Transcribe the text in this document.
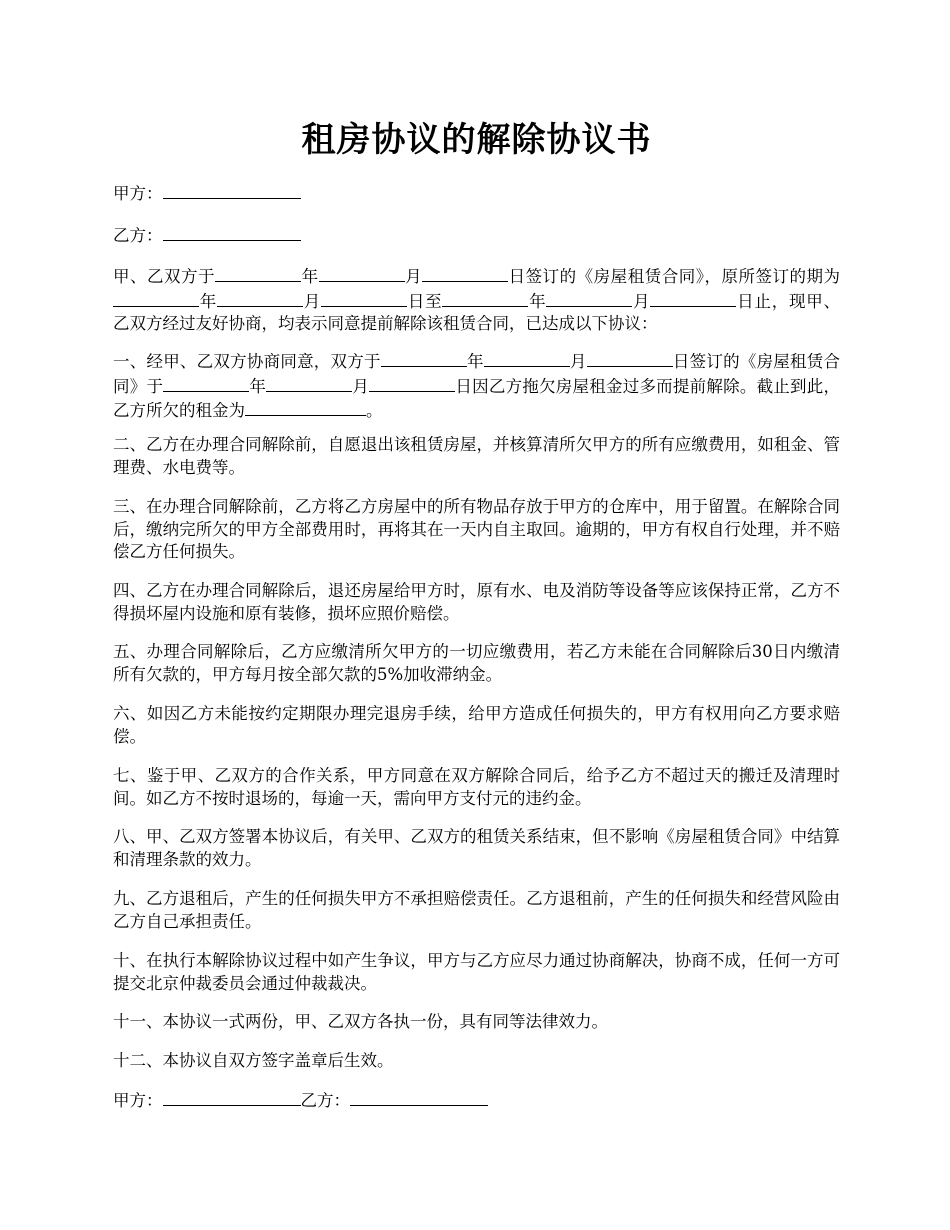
租房协议的解除协议书

甲方：

乙方：

甲、乙双方于	年	月	日签订的《房屋租赁合同》，原所签订的期为年	月	日至	年	月	日止，现甲、乙双方经过友好协商，均表示同意提前解除该租赁合同，已达成以下协议：

一、经甲、乙双方协商同意，双方于	年	月	日签订的《房屋租赁合同》于	年	月	日因乙方拖欠房屋租金过多而提前解除。截止到此，乙方所欠的租金为	。

二、乙方在办理合同解除前，自愿退出该租赁房屋，并核算清所欠甲方的所有应缴费用，如租金、管理费、水电费等。

三、在办理合同解除前，乙方将乙方房屋中的所有物品存放于甲方的仓库中，用于留置。在解除合同后，缴纳完所欠的甲方全部费用时，再将其在一天内自主取回。逾期的，甲方有权自行处理，并不赔偿乙方任何损失。

四、乙方在办理合同解除后，退还房屋给甲方时，原有水、电及消防等设备等应该保持正常，乙方不得损坏屋内设施和原有装修，损坏应照价赔偿。

五、办理合同解除后，乙方应缴清所欠甲方的一切应缴费用，若乙方未能在合同解除后30日内缴清所有欠款的，甲方每月按全部欠款的5%加收滞纳金。

六、如因乙方未能按约定期限办理完退房手续，给甲方造成任何损失的，甲方有权用向乙方要求赔偿。

七、鉴于甲、乙双方的合作关系，甲方同意在双方解除合同后，给予乙方不超过天的搬迁及清理时间。如乙方不按时退场的，每逾一天，需向甲方支付元的违约金。

八、甲、乙双方签署本协议后，有关甲、乙双方的租赁关系结束，但不影响《房屋租赁合同》中结算和清理条款的效力。

九、乙方退租后，产生的任何损失甲方不承担赔偿责任。乙方退租前，产生的任何损失和经营风险由乙方自己承担责任。

十、在执行本解除协议过程中如产生争议，甲方与乙方应尽力通过协商解决，协商不成，任何一方可提交北京仲裁委员会通过仲裁裁决。

十一、本协议一式两份，甲、乙双方各执一份，具有同等法律效力。

十二、本协议自双方签字盖章后生效。

甲方：	乙方：
